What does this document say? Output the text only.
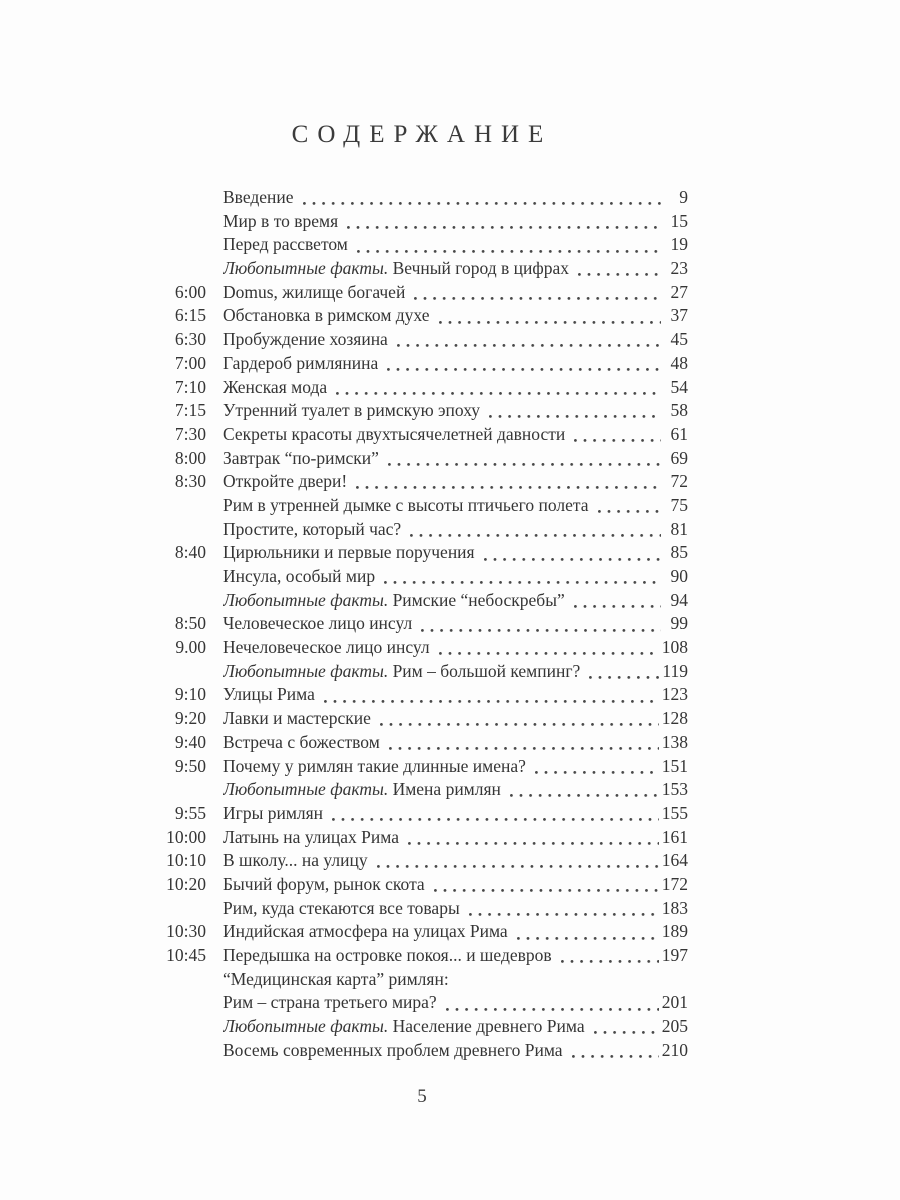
СОДЕРЖАНИЕ
Введение	9
Мир в то время	15
Перед рассветом	19
Любопытные факты. Вечный город в цифрах	23
6:00 Domus, жилище богачей	27
6:15 Обстановка в римском духе	37
6:30 Пробуждение хозяина	45
7:00 Гардероб римлянина	48
7:10 Женская мода	54
7:15 Утренний туалет в римскую эпоху	58
7:30 Секреты красоты двухтысячелетней давности	61
8:00 Завтрак “по-римски”	69
8:30 Откройте двери!	72
Рим в утренней дымке с высоты птичьего полета	75
Простите, который час?	81
8:40 Цирюльники и первые поручения	85
Инсула, особый мир	90
Любопытные факты. Римские “небоскребы”	94
8:50 Человеческое лицо инсул	99
9.00 Нечеловеческое лицо инсул	108
Любопытные факты. Рим – большой кемпинг?	119
9:10 Улицы Рима	123
9:20 Лавки и мастерские	128
9:40 Встреча с божеством	138
9:50 Почему у римлян такие длинные имена?	151
Любопытные факты. Имена римлян	153
9:55 Игры римлян	155
10:00 Латынь на улицах Рима	161
10:10 В школу... на улицу	164
10:20 Бычий форум, рынок скота	172
Рим, куда стекаются все товары	183
10:30 Индийская атмосфера на улицах Рима	189
10:45 Передышка на островке покоя... и шедевров	197
“Медицинская карта” римлян:
Рим – страна третьего мира?	201
Любопытные факты. Население древнего Рима	205
Восемь современных проблем древнего Рима	210
5
